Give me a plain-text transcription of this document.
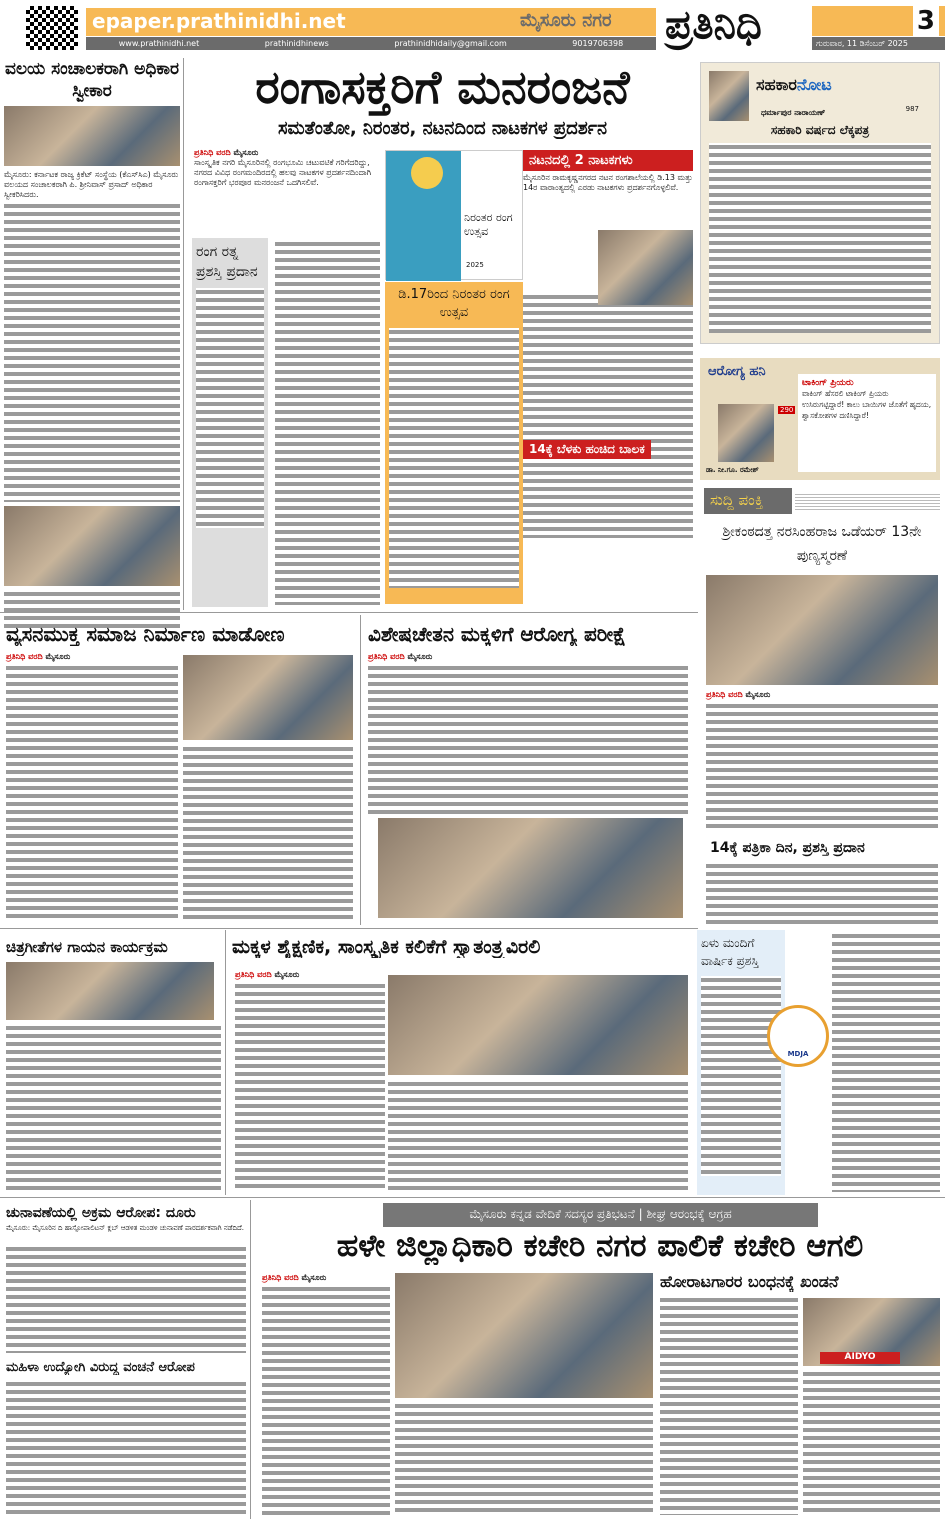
epaper.prathinidhi.net	ಮೈಸೂರು ನಗರ
www.prathinidhi.net	prathinidhinews	prathinidhidaily@gmail.com	9019706398 ಪ್ರತಿನಿಧಿ	3
ಗುರುವಾರ, 11 ಡಿಸೆಂಬರ್ 2025
ವಲಯ ಸಂಚಾಲಕರಾಗಿ ಅಧಿಕಾರ ಸ್ವೀಕಾರ
ಮೈಸೂರು: ಕರ್ನಾಟಕ ರಾಜ್ಯ ಕ್ರಿಕೆಟ್ ಸಂಸ್ಥೆಯ (ಕೆಎಸ್‌ಸಿಎ) ಮೈಸೂರು ವಲಯದ ಸಂಚಾಲಕರಾಗಿ ಪಿ. ಶ್ರೀನಿವಾಸ್ ಪ್ರಸಾದ್ ಅಧಿಕಾರ ಸ್ವೀಕರಿಸಿದರು.
ರಂಗಾಸಕ್ತರಿಗೆ ಮನರಂಜನೆ
ಸಮತೆಂತೋ, ನಿರಂತರ, ನಟನದಿಂದ ನಾಟಕಗಳ ಪ್ರದರ್ಶನ
ಪ್ರತಿನಿಧಿ ವರದಿ ಮೈಸೂರು
ಸಾಂಸ್ಕೃತಿಕ ನಗರಿ ಮೈಸೂರಿನಲ್ಲಿ ರಂಗಭೂಮಿ ಚಟುವಟಿಕೆ ಗರಿಗೆದರಿದ್ದು, ನಗರದ ವಿವಿಧ ರಂಗಮಂದಿರದಲ್ಲಿ ಹಲವು ನಾಟಕಗಳ ಪ್ರದರ್ಶನದಿಂದಾಗಿ ರಂಗಾಸಕ್ತರಿಗೆ ಭರಪೂರ ಮನರಂಜನೆ ಒದಗಿಸಲಿವೆ.
ರಂಗ ರತ್ನ ಪ್ರಶಸ್ತಿ ಪ್ರದಾನ
ನಿರಂತರ ರಂಗ ಉತ್ಸವ
2025
ಡಿ.17ರಿಂದ ನಿರಂತರ ರಂಗ ಉತ್ಸವ
ನಟನದಲ್ಲಿ 2 ನಾಟಕಗಳು
ಮೈಸೂರಿನ ರಾಮಕೃಷ್ಣನಗರದ ನಟನ ರಂಗಶಾಲೆಯಲ್ಲಿ ಡಿ.13 ಮತ್ತು 14ರ ವಾರಾಂತ್ಯದಲ್ಲಿ ಎರಡು ನಾಟಕಗಳು ಪ್ರದರ್ಶನಗೊಳ್ಳಲಿವೆ.
14ಕ್ಕೆ ಬೆಳಕು ಹಂಚಿದ ಬಾಲಕ
ಸಹಕಾರನೋಟ
987
ಧರ್ಮಾಪುರ ನಾರಾಯಣ್
ಸಹಕಾರಿ ವರ್ಷದ ಲೆಕ್ಕಪತ್ರ
ಆರೋಗ್ಯ ಹನಿ
290
ಡಾ. ನೀ.ಗೂ. ರಮೇಶ್
ಟಾಕಿಂಗ್ ಪ್ರಿಯರು
ವಾಕಿಂಗ್ ಹೆಸರಲಿ ಟಾಕಿಂಗ್ ಪ್ರಿಯರು ಉಸಿರುಗಟ್ಟಿದ್ದಾರೆ! ಕಾಲು ಬಾಯಿಗಳ ಜೊತೆಗೆ ಹೃದಯ, ಶ್ವಾಸಕೋಶಗಳ ದಣಿಸಿದ್ದಾರೆ!
ಸುದ್ದಿ ಪಂಕ್ತಿ
ಶ್ರೀಕಂಠದತ್ತ ನರಸಿಂಹರಾಜ ಒಡೆಯರ್ 13ನೇ ಪುಣ್ಯಸ್ಮರಣೆ
ಪ್ರತಿನಿಧಿ ವರದಿ ಮೈಸೂರು
14ಕ್ಕೆ ಪತ್ರಿಕಾ ದಿನ, ಪ್ರಶಸ್ತಿ ಪ್ರದಾನ
ವ್ಯಸನಮುಕ್ತ ಸಮಾಜ ನಿರ್ಮಾಣ ಮಾಡೋಣ
ಪ್ರತಿನಿಧಿ ವರದಿ ಮೈಸೂರು
ವಿಶೇಷಚೇತನ ಮಕ್ಕಳಿಗೆ ಆರೋಗ್ಯ ಪರೀಕ್ಷೆ
ಪ್ರತಿನಿಧಿ ವರದಿ ಮೈಸೂರು
ಚಿತ್ರಗೀತೆಗಳ ಗಾಯನ ಕಾರ್ಯಕ್ರಮ	ಮಕ್ಕಳ ಶೈಕ್ಷಣಿಕ, ಸಾಂಸ್ಕೃತಿಕ ಕಲಿಕೆಗೆ ಸ್ವಾತಂತ್ರ್ಯವಿರಲಿ
ಪ್ರತಿನಿಧಿ ವರದಿ ಮೈಸೂರು
ಏಳು ಮಂದಿಗೆ ವಾರ್ಷಿಕ ಪ್ರಶಸ್ತಿ
MDJA
ಚುನಾವಣೆಯಲ್ಲಿ ಅಕ್ರಮ ಆರೋಪ: ದೂರು
ಮೈಸೂರು: ಮೈಸೂರಿನ ದಿ ಹಾಸ್ಪೋಪಾಲಿಟನ್ ಕ್ಲಬ್ ಆಡಳಿತ ಮಂಡಳಿ ಚುನಾವಣೆ ಪಾರದರ್ಶಕವಾಗಿ ನಡೆದಿದೆ.
ಮಹಿಳಾ ಉದ್ಯೋಗಿ ವಿರುದ್ಧ ವಂಚನೆ ಆರೋಪ
ಮೈಸೂರು ಕನ್ನಡ ವೇದಿಕೆ ಸದಸ್ಯರ ಪ್ರತಿಭಟನೆ | ಶೀಘ್ರ ಆರಂಭಕ್ಕೆ ಆಗ್ರಹ
ಹಳೇ ಜಿಲ್ಲಾಧಿಕಾರಿ ಕಚೇರಿ ನಗರ ಪಾಲಿಕೆ ಕಚೇರಿ ಆಗಲಿ
ಪ್ರತಿನಿಧಿ ವರದಿ ಮೈಸೂರು	ಹೋರಾಟಗಾರರ ಬಂಧನಕ್ಕೆ ಖಂಡನೆ
AIDYO
